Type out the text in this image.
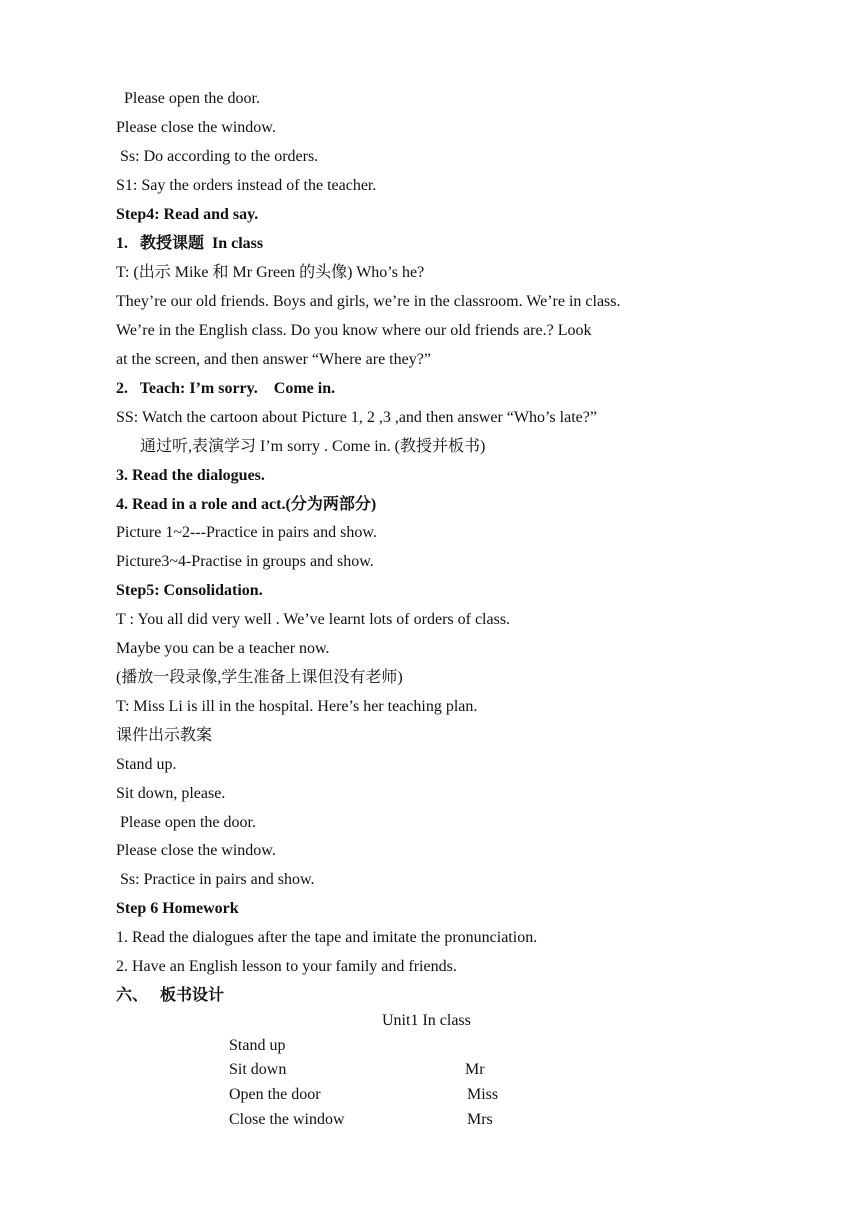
Please open the door.
Please close the window.
Ss: Do according to the orders.
S1: Say the orders instead of the teacher.
Step4: Read and say.
1.   教授课题  In class
T: (出示 Mike 和 Mr Green 的头像) Who’s he?
They’re our old friends. Boys and girls, we’re in the classroom. We’re in class.
We’re in the English class. Do you know where our old friends are.? Look
at the screen, and then answer “Where are they?”
2.   Teach: I’m sorry.    Come in.
SS: Watch the cartoon about Picture 1, 2 ,3 ,and then answer “Who’s late?”
通过听,表演学习 I’m sorry . Come in. (教授并板书)
3. Read the dialogues.
4. Read in a role and act.(分为两部分)
Picture 1~2---Practice in pairs and show.
Picture3~4-Practise in groups and show.
Step5: Consolidation.
T : You all did very well . We’ve learnt lots of orders of class.
Maybe you can be a teacher now.
(播放一段录像,学生准备上课但没有老师)
T: Miss Li is ill in the hospital. Here’s her teaching plan.
课件出示教案
Stand up.
Sit down, please.
Please open the door.
Please close the window.
Ss: Practice in pairs and show.
Step 6 Homework
1. Read the dialogues after the tape and imitate the pronunciation.
2. Have an English lesson to your family and friends.
六、   板书设计
Unit1 In class
Stand up
Sit down
Open the door
Close the window
Mr
Miss
Mrs
